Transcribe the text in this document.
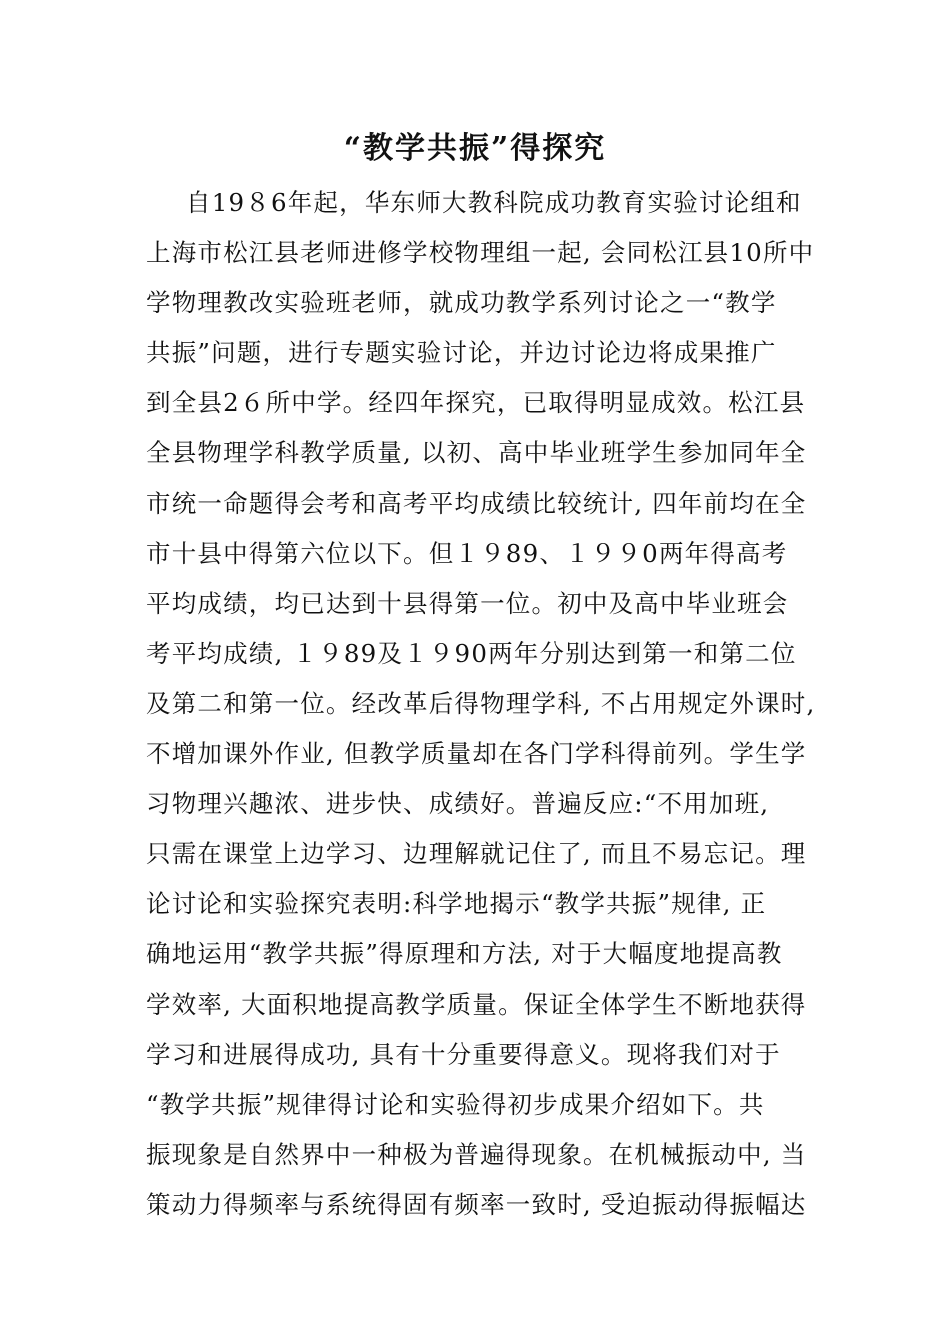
“教学共振”得探究
自19８6年起，华东师大教科院成功教育实验讨论组和
上海市松江县老师进修学校物理组一起, 会同松江县10所中
学物理教改实验班老师，就成功教学系列讨论之一“教学
共振”问题，进行专题实验讨论，并边讨论边将成果推广
到全县2６所中学。经四年探究，已取得明显成效。松江县
全县物理学科教学质量, 以初、高中毕业班学生参加同年全
市统一命题得会考和高考平均成绩比较统计, 四年前均在全
市十县中得第六位以下。但１９89、１９９0两年得高考
平均成绩，均已达到十县得第一位。初中及高中毕业班会
考平均成绩, １９89及１９90两年分别达到第一和第二位
及第二和第一位。经改革后得物理学科, 不占用规定外课时,
不增加课外作业, 但教学质量却在各门学科得前列。学生学
习物理兴趣浓、进步快、成绩好。普遍反应:“不用加班,
只需在课堂上边学习、边理解就记住了, 而且不易忘记。理
论讨论和实验探究表明:科学地揭示“教学共振”规律, 正
确地运用“教学共振”得原理和方法, 对于大幅度地提高教
学效率, 大面积地提高教学质量。保证全体学生不断地获得
学习和进展得成功, 具有十分重要得意义。现将我们对于
“教学共振”规律得讨论和实验得初步成果介绍如下。共
振现象是自然界中一种极为普遍得现象。在机械振动中, 当
策动力得频率与系统得固有频率一致时, 受迫振动得振幅达
